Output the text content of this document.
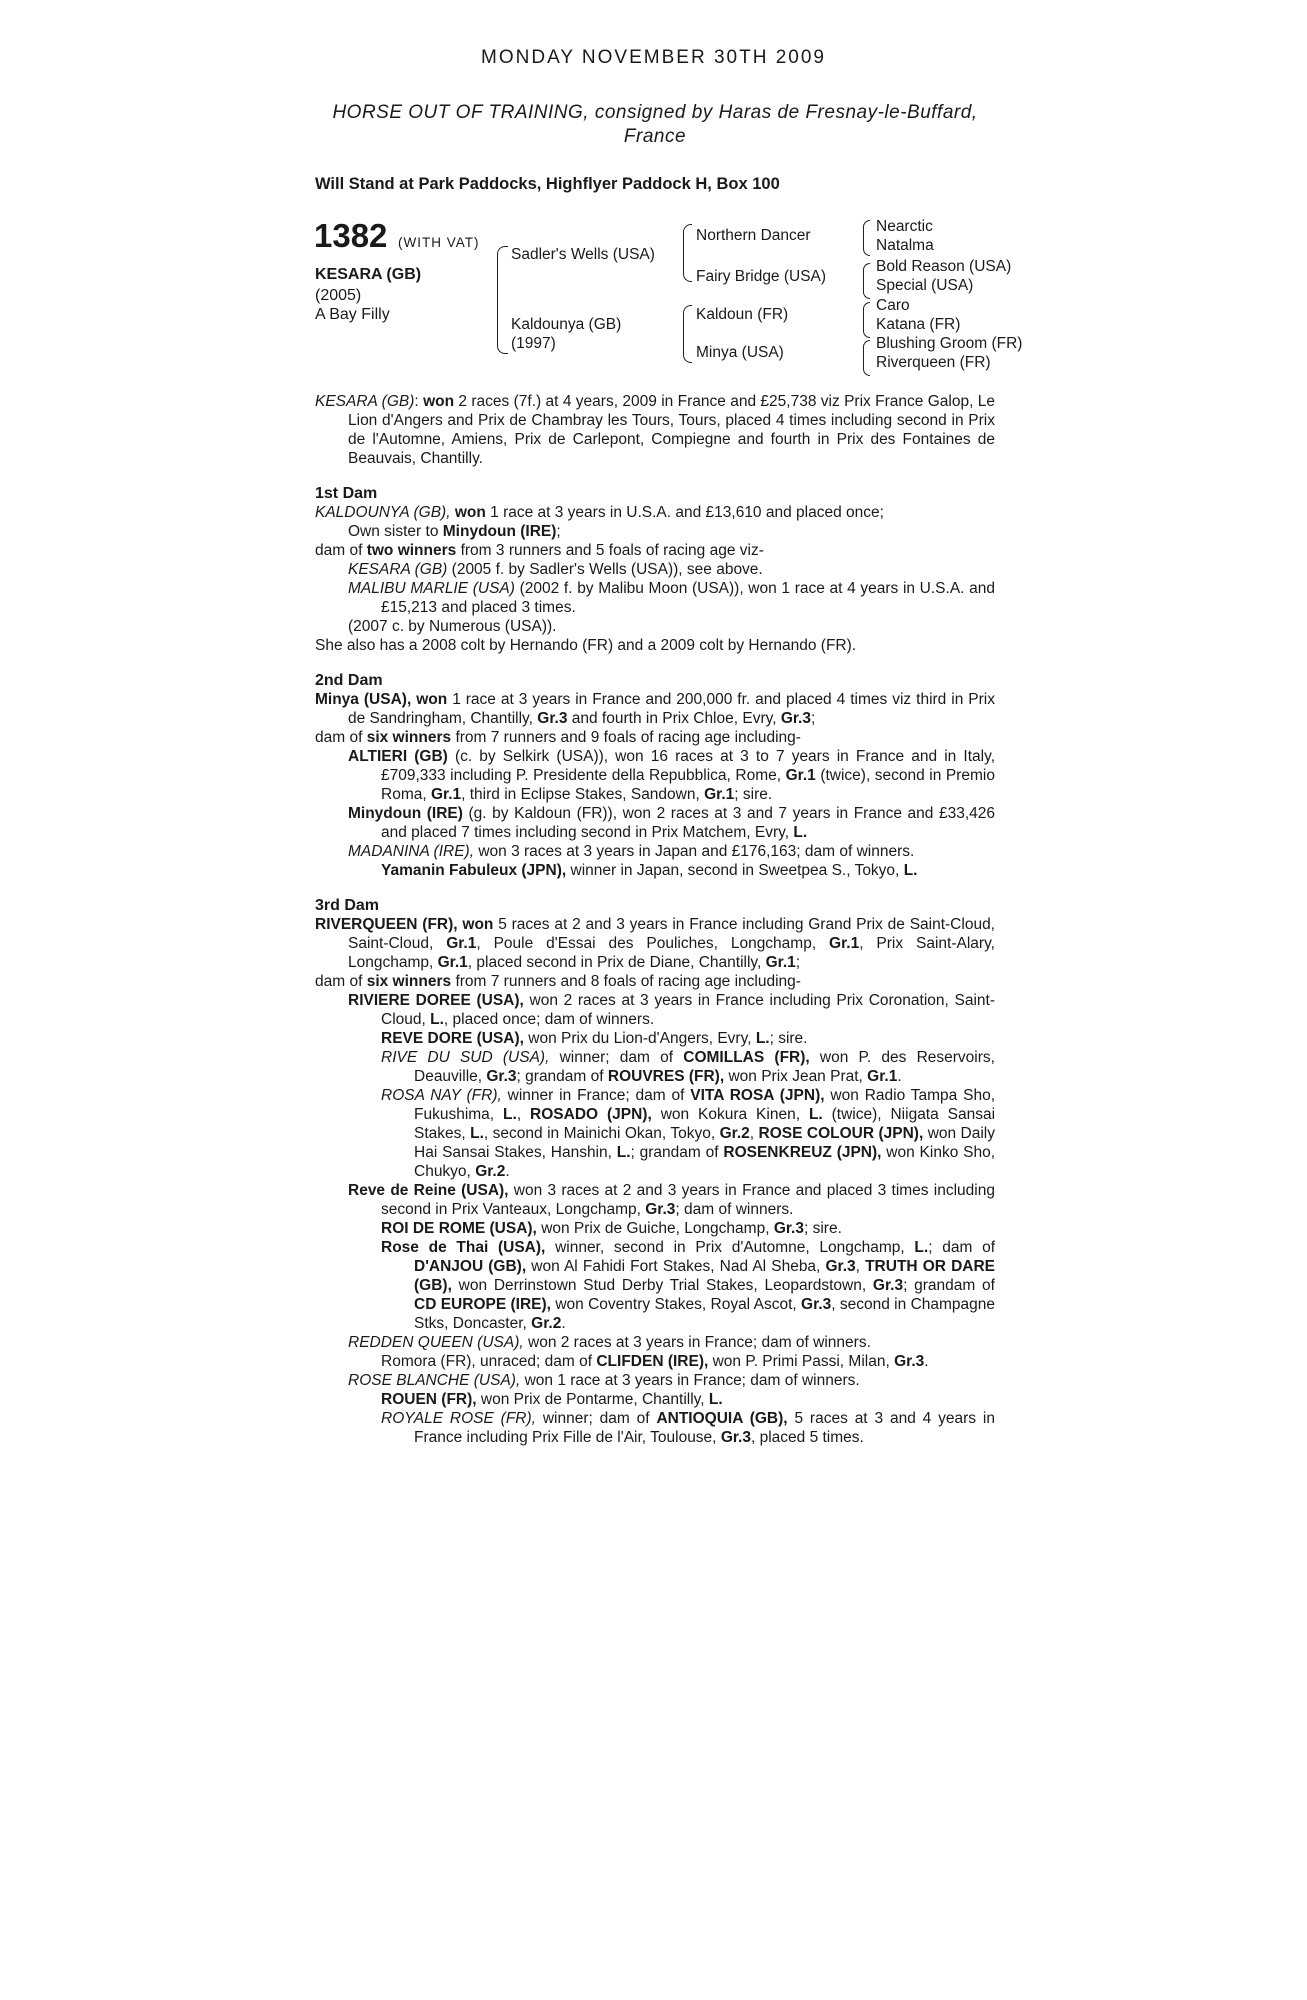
MONDAY NOVEMBER 30TH 2009
HORSE OUT OF TRAINING, consigned by Haras de Fresnay-le-Buffard, France
Will Stand at Park Paddocks, Highflyer Paddock H, Box 100
1382 (WITH VAT)
KESARA (GB)
(2005)
A Bay Filly
Sadler's Wells (USA)
Kaldounya (GB)
(1997)
Northern Dancer
Fairy Bridge (USA)
Kaldoun (FR)
Minya (USA)
Nearctic
Natalma
Bold Reason (USA)
Special (USA)
Caro
Katana (FR)
Blushing Groom (FR)
Riverqueen (FR)

KESARA (GB): won 2 races (7f.) at 4 years, 2009 in France and £25,738 viz Prix France Galop, Le Lion d'Angers and Prix de Chambray les Tours, Tours, placed 4 times including second in Prix de l'Automne, Amiens, Prix de Carlepont, Compiegne and fourth in Prix des Fontaines de Beauvais, Chantilly.

1st Dam

KALDOUNYA (GB), won 1 race at 3 years in U.S.A. and £13,610 and placed once;

Own sister to Minydoun (IRE);

dam of two winners from 3 runners and 5 foals of racing age viz-

KESARA (GB) (2005 f. by Sadler's Wells (USA)), see above.

MALIBU MARLIE (USA) (2002 f. by Malibu Moon (USA)), won 1 race at 4 years in U.S.A. and £15,213 and placed 3 times.

(2007 c. by Numerous (USA)).

She also has a 2008 colt by Hernando (FR) and a 2009 colt by Hernando (FR).

2nd Dam

Minya (USA), won 1 race at 3 years in France and 200,000 fr. and placed 4 times viz third in Prix de Sandringham, Chantilly, Gr.3 and fourth in Prix Chloe, Evry, Gr.3;

dam of six winners from 7 runners and 9 foals of racing age including-

ALTIERI (GB) (c. by Selkirk (USA)), won 16 races at 3 to 7 years in France and in Italy, £709,333 including P. Presidente della Repubblica, Rome, Gr.1 (twice), second in Premio Roma, Gr.1, third in Eclipse Stakes, Sandown, Gr.1; sire.

Minydoun (IRE) (g. by Kaldoun (FR)), won 2 races at 3 and 7 years in France and £33,426 and placed 7 times including second in Prix Matchem, Evry, L.

MADANINA (IRE), won 3 races at 3 years in Japan and £176,163; dam of winners.

Yamanin Fabuleux (JPN), winner in Japan, second in Sweetpea S., Tokyo, L.

3rd Dam

RIVERQUEEN (FR), won 5 races at 2 and 3 years in France including Grand Prix de Saint-Cloud, Saint-Cloud, Gr.1, Poule d'Essai des Pouliches, Longchamp, Gr.1, Prix Saint-Alary, Longchamp, Gr.1, placed second in Prix de Diane, Chantilly, Gr.1;

dam of six winners from 7 runners and 8 foals of racing age including-

RIVIERE DOREE (USA), won 2 races at 3 years in France including Prix Coronation, Saint-Cloud, L., placed once; dam of winners.

REVE DORE (USA), won Prix du Lion-d'Angers, Evry, L.; sire.

RIVE DU SUD (USA), winner; dam of COMILLAS (FR), won P. des Reservoirs, Deauville, Gr.3; grandam of ROUVRES (FR), won Prix Jean Prat, Gr.1.

ROSA NAY (FR), winner in France; dam of VITA ROSA (JPN), won Radio Tampa Sho, Fukushima, L., ROSADO (JPN), won Kokura Kinen, L. (twice), Niigata Sansai Stakes, L., second in Mainichi Okan, Tokyo, Gr.2, ROSE COLOUR (JPN), won Daily Hai Sansai Stakes, Hanshin, L.; grandam of ROSENKREUZ (JPN), won Kinko Sho, Chukyo, Gr.2.

Reve de Reine (USA), won 3 races at 2 and 3 years in France and placed 3 times including second in Prix Vanteaux, Longchamp, Gr.3; dam of winners.

ROI DE ROME (USA), won Prix de Guiche, Longchamp, Gr.3; sire.

Rose de Thai (USA), winner, second in Prix d'Automne, Longchamp, L.; dam of D'ANJOU (GB), won Al Fahidi Fort Stakes, Nad Al Sheba, Gr.3, TRUTH OR DARE (GB), won Derrinstown Stud Derby Trial Stakes, Leopardstown, Gr.3; grandam of CD EUROPE (IRE), won Coventry Stakes, Royal Ascot, Gr.3, second in Champagne Stks, Doncaster, Gr.2.

REDDEN QUEEN (USA), won 2 races at 3 years in France; dam of winners.

Romora (FR), unraced; dam of CLIFDEN (IRE), won P. Primi Passi, Milan, Gr.3.

ROSE BLANCHE (USA), won 1 race at 3 years in France; dam of winners.

ROUEN (FR), won Prix de Pontarme, Chantilly, L.

ROYALE ROSE (FR), winner; dam of ANTIOQUIA (GB), 5 races at 3 and 4 years in France including Prix Fille de l'Air, Toulouse, Gr.3, placed 5 times.
